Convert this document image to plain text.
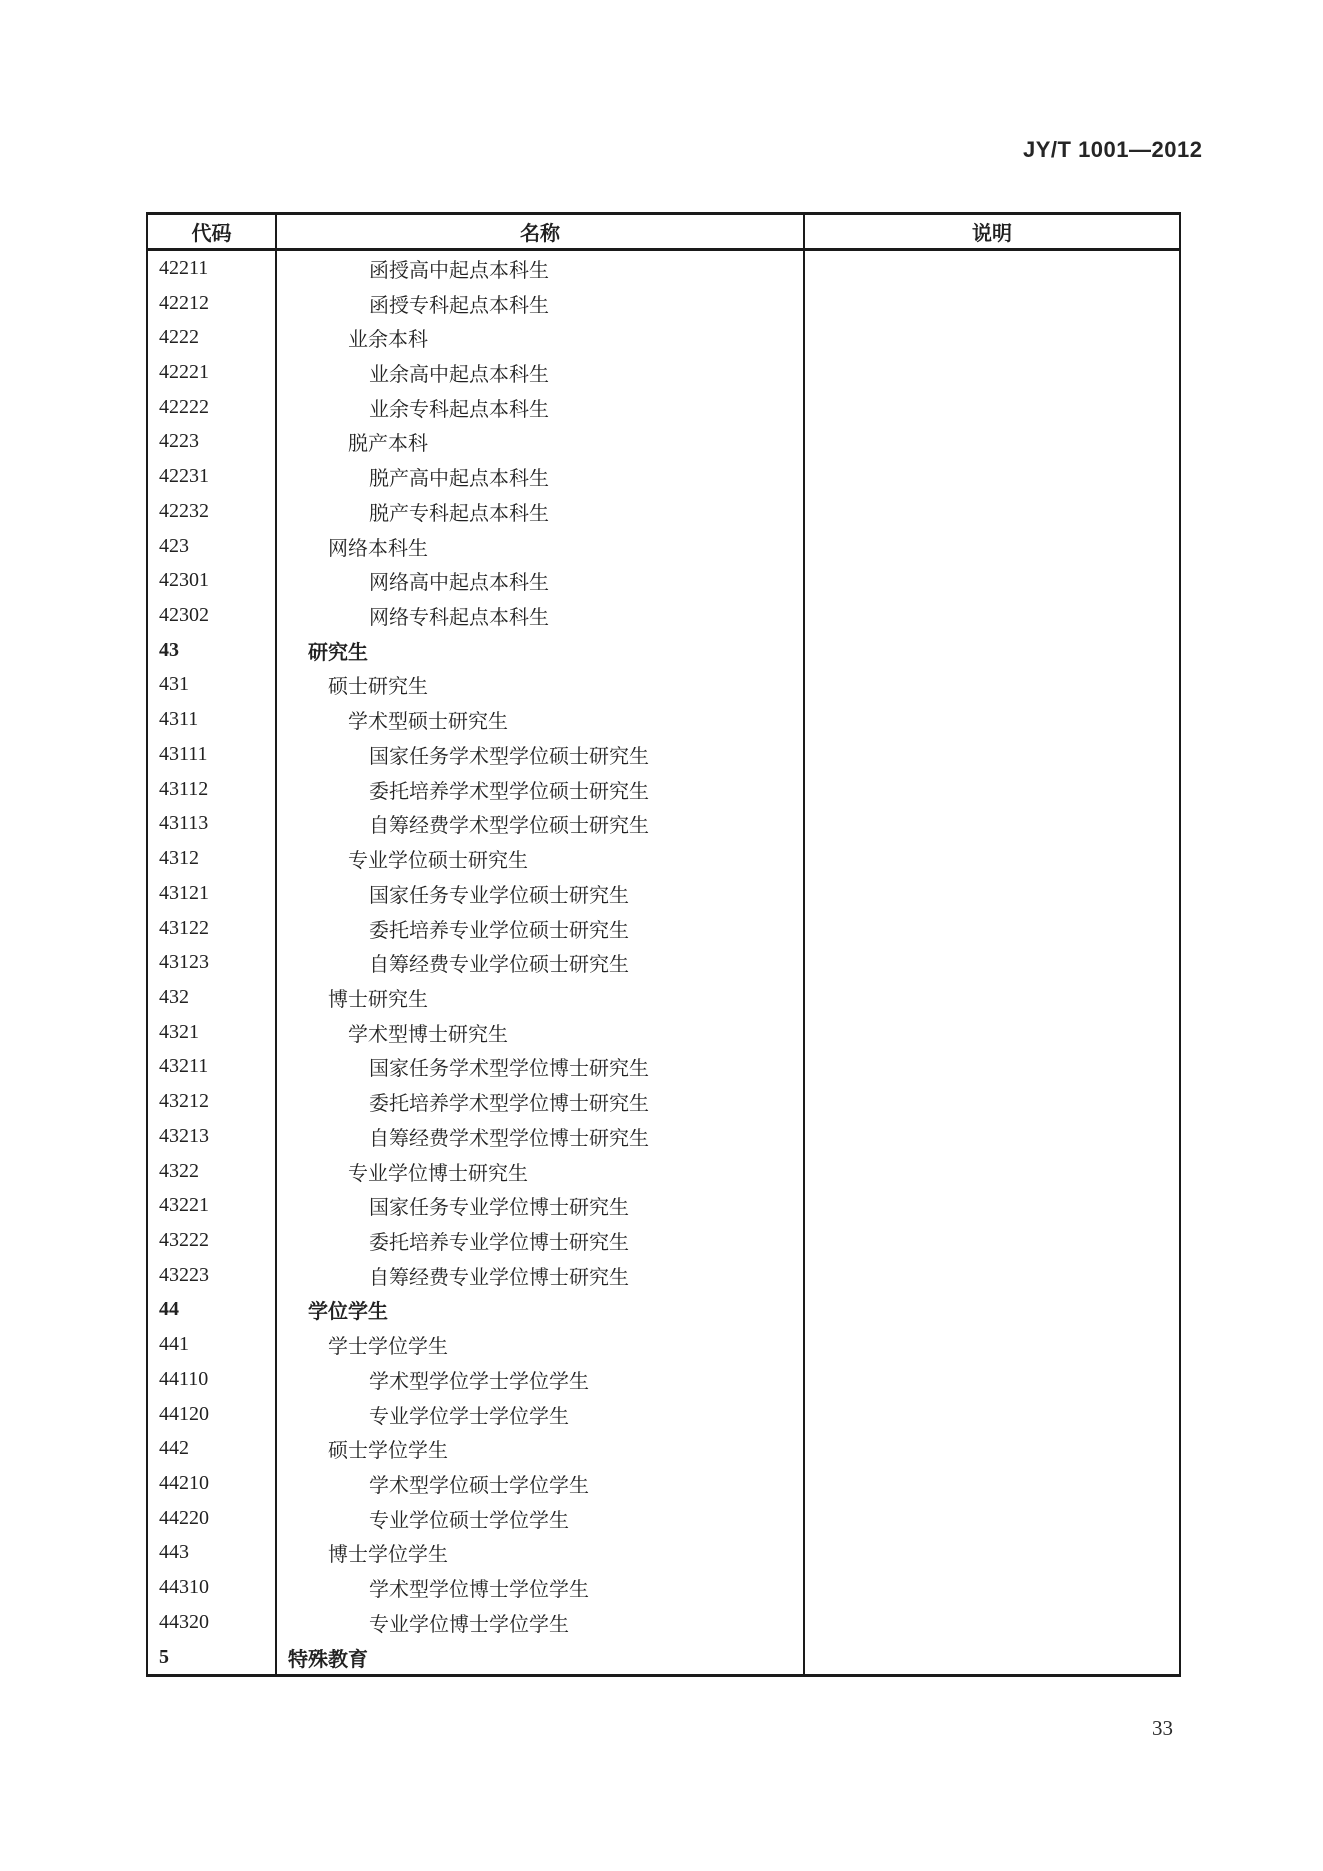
JY/T 1001—2012
代码	名称	说明
42211	函授高中起点本科生
42212	函授专科起点本科生
4222	业余本科
42221	业余高中起点本科生
42222	业余专科起点本科生
4223	脱产本科
42231	脱产高中起点本科生
42232	脱产专科起点本科生
423	网络本科生
42301	网络高中起点本科生
42302	网络专科起点本科生
43	研究生
431	硕士研究生
4311	学术型硕士研究生
43111	国家任务学术型学位硕士研究生
43112	委托培养学术型学位硕士研究生
43113	自筹经费学术型学位硕士研究生
4312	专业学位硕士研究生
43121	国家任务专业学位硕士研究生
43122	委托培养专业学位硕士研究生
43123	自筹经费专业学位硕士研究生
432	博士研究生
4321	学术型博士研究生
43211	国家任务学术型学位博士研究生
43212	委托培养学术型学位博士研究生
43213	自筹经费学术型学位博士研究生
4322	专业学位博士研究生
43221	国家任务专业学位博士研究生
43222	委托培养专业学位博士研究生
43223	自筹经费专业学位博士研究生
44	学位学生
441	学士学位学生
44110	学术型学位学士学位学生
44120	专业学位学士学位学生
442	硕士学位学生
44210	学术型学位硕士学位学生
44220	专业学位硕士学位学生
443	博士学位学生
44310	学术型学位博士学位学生
44320	专业学位博士学位学生
5	特殊教育
33
